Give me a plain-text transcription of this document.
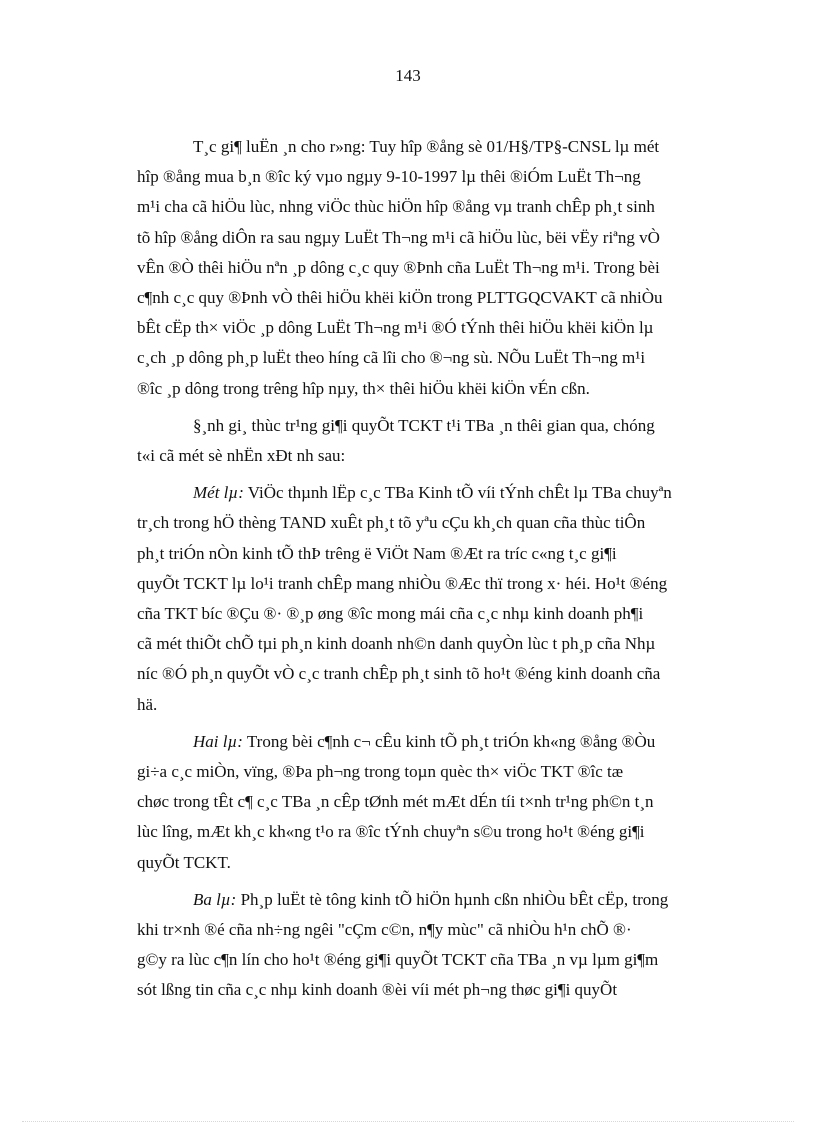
143

T¸c gi¶ luËn ¸n cho r»ng: Tuy hîp ®ång sè 01/H§/TP§-CNSL lµ mét
hîp ®ång mua b¸n ®îc ký vµo ngµy 9-10-1997 lµ thêi ®iÓm LuËt Th¬ng
m¹i cha cã hiÖu lùc, nhng viÖc thùc hiÖn hîp ®ång vµ tranh chÊp ph¸t sinh
tõ hîp ®ång diÔn ra sau ngµy LuËt Th¬ng m¹i cã hiÖu lùc, bëi vËy riªng vÒ
vÊn ®Ò thêi hiÖu nªn ¸p dông c¸c quy ®Þnh cña LuËt Th¬ng m¹i. Trong bèi
c¶nh c¸c quy ®Þnh vÒ thêi hiÖu khëi kiÖn trong PLTTGQCVAKT cã nhiÒu
bÊt cËp th× viÖc ¸p dông LuËt Th¬ng m¹i ®Ó tÝnh thêi hiÖu khëi kiÖn lµ
c¸ch ¸p dông ph¸p luËt theo híng cã lîi cho ®¬ng sù. NÕu LuËt Th¬ng m¹i
®îc ¸p dông trong trêng hîp nµy, th× thêi hiÖu khëi kiÖn vÉn cßn.

§¸nh gi¸ thùc tr¹ng gi¶i quyÕt TCKT t¹i TBa ¸n thêi gian qua, chóng
t«i cã mét sè nhËn xÐt nh sau:

Mét lµ: ViÖc thµnh lËp c¸c TBa Kinh tÕ víi tÝnh chÊt lµ TBa chuyªn
tr¸ch trong hÖ thèng TAND xuÊt ph¸t tõ yªu cÇu kh¸ch quan cña thùc tiÔn
ph¸t triÓn nÒn kinh tÕ thÞ trêng ë ViÖt Nam ®Æt ra tríc c«ng t¸c gi¶i
quyÕt TCKT lµ lo¹i tranh chÊp mang nhiÒu ®Æc thï trong x· héi. Ho¹t ®éng
cña TKT bíc ®Çu ®· ®¸p øng ®îc mong mái cña c¸c nhµ kinh doanh ph¶i
cã mét thiÕt chÕ tµi ph¸n kinh doanh nh©n danh quyÒn lùc t ph¸p cña Nhµ
níc ®Ó ph¸n quyÕt vÒ c¸c tranh chÊp ph¸t sinh tõ ho¹t ®éng kinh doanh cña
hä.

Hai lµ: Trong bèi c¶nh c¬ cÊu kinh tÕ ph¸t triÓn kh«ng ®ång ®Òu
gi÷a c¸c miÒn, vïng, ®Þa ph¬ng trong toµn quèc th× viÖc TKT ®îc tæ
chøc trong tÊt c¶ c¸c TBa ¸n cÊp tØnh mét mÆt dÉn tíi t×nh tr¹ng ph©n t¸n
lùc lîng, mÆt kh¸c kh«ng t¹o ra ®îc tÝnh chuyªn s©u trong ho¹t ®éng gi¶i
quyÕt TCKT.

Ba lµ: Ph¸p luËt tè tông kinh tÕ hiÖn hµnh cßn nhiÒu bÊt cËp, trong
khi tr×nh ®é cña nh÷ng ngêi "cÇm c©n, n¶y mùc" cã nhiÒu h¹n chÕ ®·
g©y ra lùc c¶n lín cho ho¹t ®éng gi¶i quyÕt TCKT cña TBa ¸n vµ lµm gi¶m
sót lßng tin cña c¸c nhµ kinh doanh ®èi víi mét ph¬ng thøc gi¶i quyÕt
